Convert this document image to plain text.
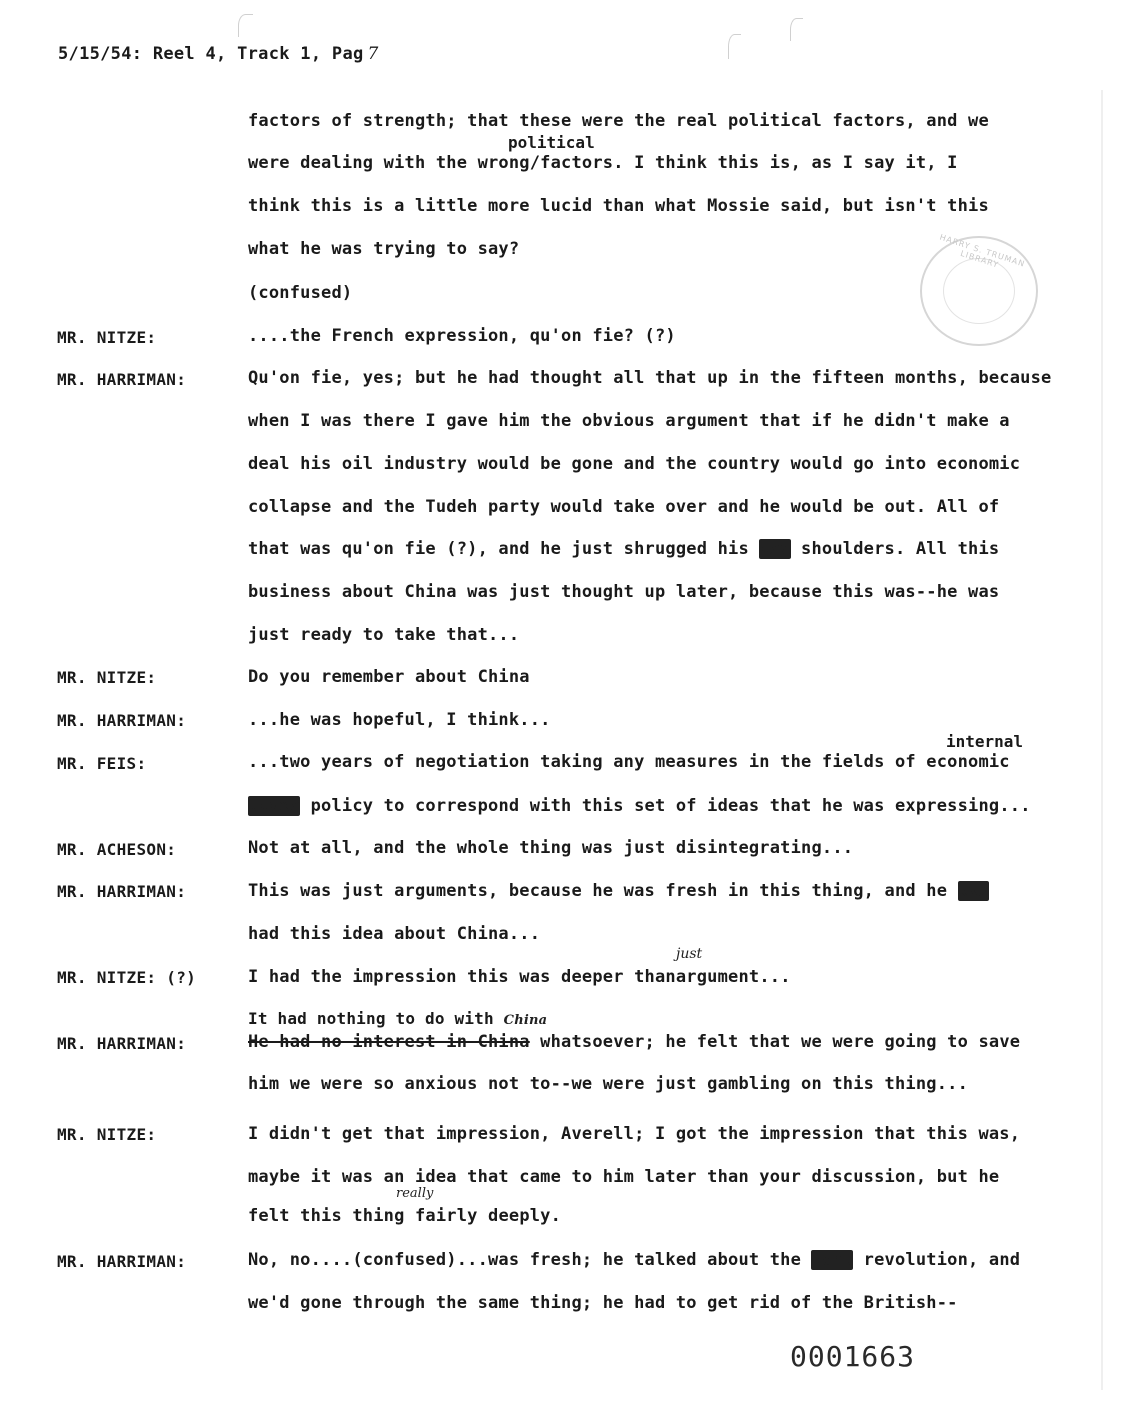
5/15/54: Reel 4, Track 1, Pag 7
HARRY S. TRUMAN LIBRARY
factors of strength; that these were the real political factors, and we
political
were dealing with the wrong/factors. I think this is, as I say it, I
think this is a little more lucid than what Mossie said, but isn't this
what he was trying to say?
(confused)
MR. NITZE:	....the French expression, qu'on fie? (?)
MR. HARRIMAN:	Qu'on fie, yes; but he had thought all that up in the fifteen months, because
when I was there I gave him the obvious argument that if he didn't make a
deal his oil industry would be gone and the country would go into economic
collapse and the Tudeh party would take over and he would be out. All of
that was qu'on fie (?), and he just shrugged his xxx shoulders. All this
business about China was just thought up later, because this was--he was
just ready to take that...
MR. NITZE:	Do you remember about China
MR. HARRIMAN:	...he was hopeful, I think...
internal
MR. FEIS:	...two years of negotiation taking any measures in the fields of economic
pxxxx policy to correspond with this set of ideas that he was expressing...
MR. ACHESON:	Not at all, and the whole thing was just disintegrating...
MR. HARRIMAN:	This was just arguments, because he was fresh in this thing, and he xxx
had this idea about China...
just
MR. NITZE: (?)	I had the impression this was deeper thanargument...
It had nothing to do with China
MR. HARRIMAN:	He had no interest in China whatsoever; he felt that we were going to save
him we were so anxious not to--we were just gambling on this thing...
MR. NITZE:	I didn't get that impression, Averell; I got the impression that this was,
maybe it was an idea that came to him later than your discussion, but he
really
felt this thing fairly deeply.
MR. HARRIMAN:	No, no....(confused)...was fresh; he talked about the Bank revolution, and
we'd gone through the same thing; he had to get rid of the British--
0001663
